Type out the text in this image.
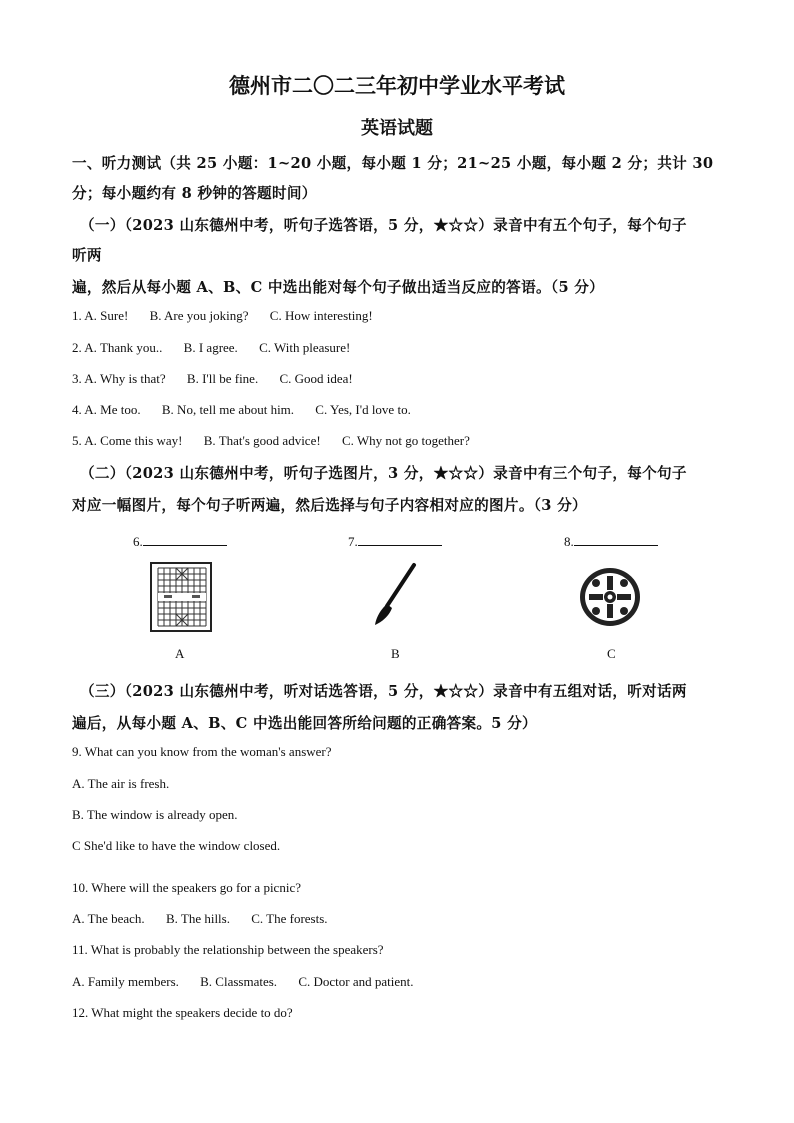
德州市二〇二三年初中学业水平考试
英语试题
一、听力测试（共 25 小题：1~20 小题，每小题 1 分；21~25 小题，每小题 2 分；共计 30
分；每小题约有 8 秒钟的答题时间）
（一）（2023 山东德州中考，听句子选答语，5 分，★☆☆）录音中有五个句子，每个句子
听两
遍，然后从每小题 A、B、C 中选出能对每个句子做出适当反应的答语。（5 分）
1. A. Sure! B. Are you joking? C. How interesting!
2. A. Thank you.. B. I agree. C. With pleasure!
3. A. Why is that? B. I'll be fine. C. Good idea!
4. A. Me too. B. No, tell me about him. C. Yes, I'd love to.
5. A. Come this way! B. That's good advice! C. Why not go together?
（二）（2023 山东德州中考，听句子选图片，3 分，★☆☆）录音中有三个句子，每个句子
对应一幅图片，每个句子听两遍，然后选择与句子内容相对应的图片。（3 分）
6.	7.	8.
A	B	C
（三）（2023 山东德州中考，听对话选答语，5 分，★☆☆）录音中有五组对话，听对话两
遍后，从每小题 A、B、C 中选出能回答所给问题的正确答案。5 分）
9. What can you know from the woman's answer?
A. The air is fresh.
B. The window is already open.
C She'd like to have the window closed.
10. Where will the speakers go for a picnic?
A. The beach. B. The hills. C. The forests.
11. What is probably the relationship between the speakers?
A. Family members. B. Classmates. C. Doctor and patient.
12. What might the speakers decide to do?
